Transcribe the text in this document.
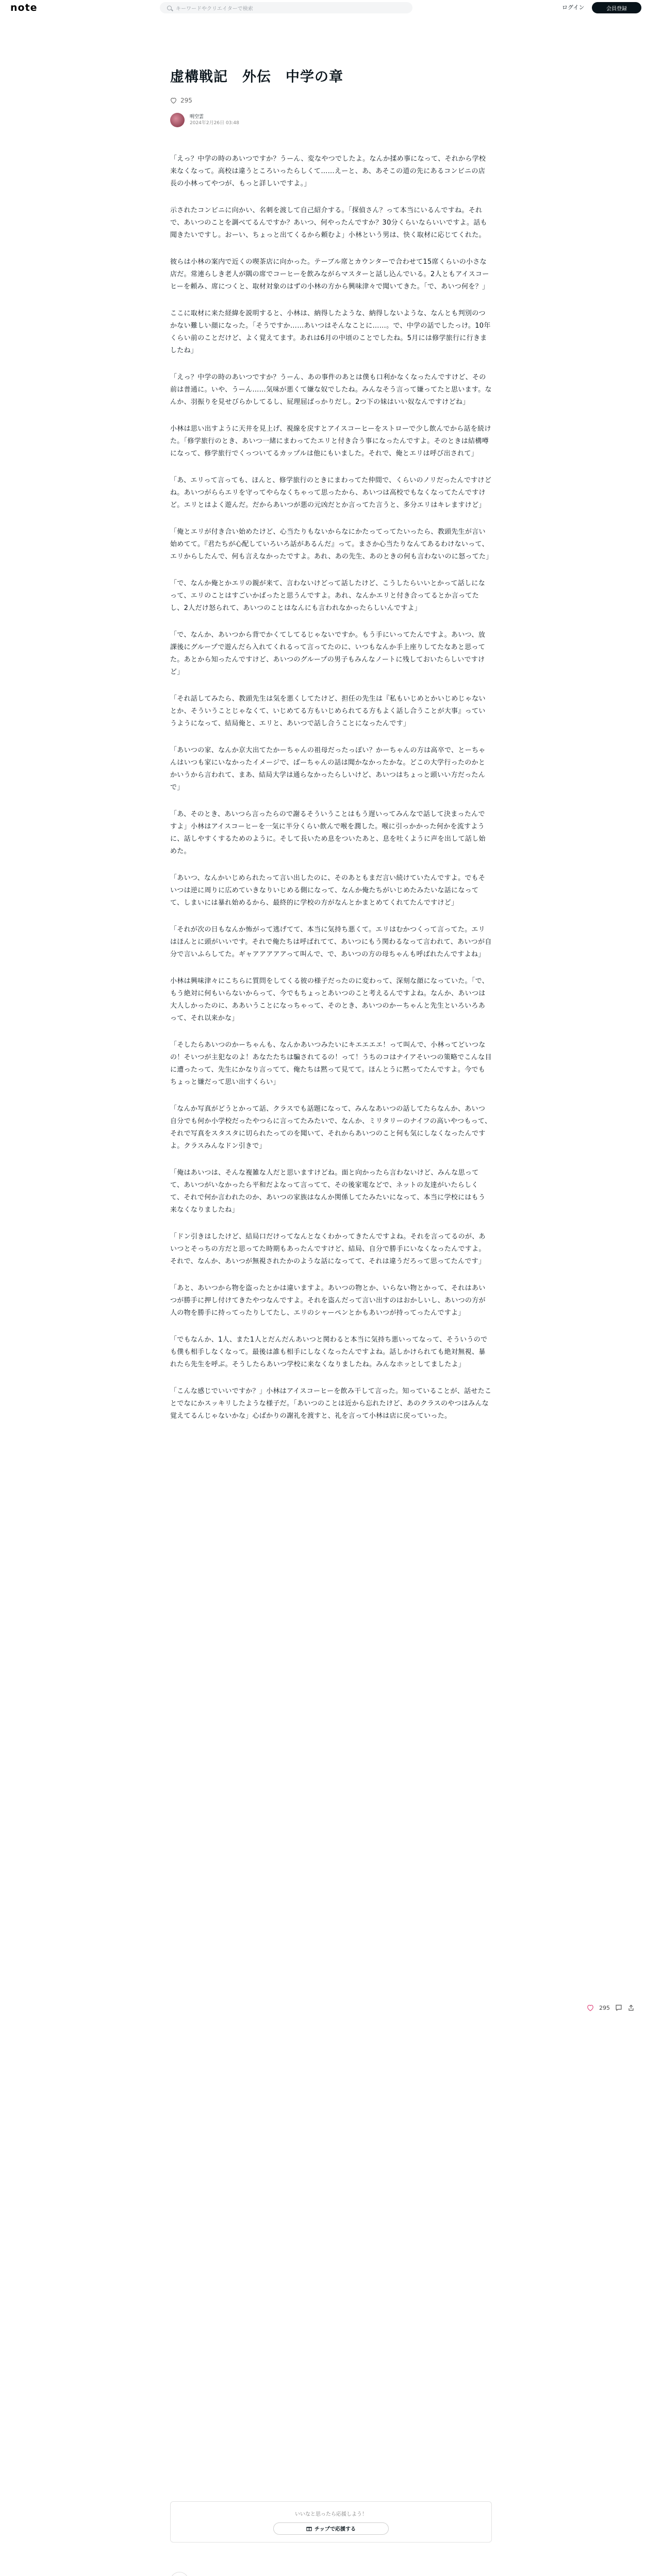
note	キーワードやクリエイターで検索	ログイン	会員登録
虚構戦記　外伝　中学の章
295
明空雲
2024年2月26日 03:48

「えっ？中学の時のあいつですか？うーん、変なやつでしたよ。なんか揉め事になって、それから学校来なくなって。高校は違うところいったらしくて……えーと、あ、あそこの道の先にあるコンビニの店長の小林ってやつが、もっと詳しいですよ。」

示されたコンビニに向かい、名刺を渡して自己紹介する。「探偵さん？って本当にいるんですね。それで、あいつのことを調べてるんですか？あいつ、何やったんですか？30分くらいならいいですよ。話も聞きたいですし。おーい、ちょっと出てくるから頼むよ」小林という男は、快く取材に応じてくれた。

彼らは小林の案内で近くの喫茶店に向かった。テーブル席とカウンターで合わせて15席くらいの小さな店だ。常連らしき老人が隅の席でコーヒーを飲みながらマスターと話し込んでいる。2人ともアイスコーヒーを頼み、席につくと、取材対象のはずの小林の方から興味津々で聞いてきた。「で、あいつ何を？」

ここに取材に来た経緯を説明すると、小林は、納得したような、納得しないような、なんとも判別のつかない難しい顔になった。「そうですか……あいつはそんなことに……。で、中学の話でしたっけ。10年くらい前のことだけど、よく覚えてます。あれは6月の中頃のことでしたね。5月には修学旅行に行きましたね」

「えっ？中学の時のあいつですか？うーん、あの事件のあとは僕も口利かなくなったんですけど、その前は普通に。いや、うーん……気味が悪くて嫌な奴でしたね。みんなそう言って嫌ってたと思います。なんか、羽振りを見せびらかしてるし、屁理屈ばっかりだし。2つ下の妹はいい奴なんですけどね」

小林は思い出すように天井を見上げ、視線を戻すとアイスコーヒーをストローで少し飲んでから話を続けた。「修学旅行のとき、あいつ一緒にまわってたエリと付き合う事になったんですよ。そのときは結構噂になって、修学旅行でくっついてるカップルは他にもいました。それで、俺とエリは呼び出されて」

「あ、エリって言っても、ほんと、修学旅行のときにまわってた仲間で、くらいのノリだったんですけどね。あいつがららエリを守ってやらなくちゃって思ったから、あいつは高校でもなくなってたんですけど。エリとはよく遊んだ。だからあいつが悪の元凶だとか言ってた言うと、多分エリはキレますけど」

「俺とエリが付き合い始めたけど、心当たりもないからなにかたってってたいったら、教頭先生が言い始めてて。『君たちが心配していろいろ話があるんだ』って。まさか心当たりなんてあるわけないって、エリからしたんで、何も言えなかったですよ。あれ、あの先生、あのときの何も言わないのに怒ってた」

「で、なんか俺とかエリの親が来て、言わないけどって話したけど、こうしたらいいとかって話しになって、エリのことはすごいかばったと思うんですよ。あれ、なんかエリと付き合ってるとか言ってたし、2人だけ怒られて、あいつのことはなんにも言われなかったらしいんですよ」

「で、なんか、あいつから背でかくてしてるじゃないですか。もう手にいってたんですよ。あいつ、放課後にグループで遊んだら入れてくれるって言ってたのに、いつもなんか手上座りしてたなあと思ってた。あとから知ったんですけど、あいつのグループの男子もみんなノートに残しておいたらしいですけど」

「それ話してみたら、教頭先生は気を悪くしてたけど、担任の先生は『私もいじめとかいじめじゃないとか、そういうことじゃなくて、いじめてる方もいじめられてる方もよく話し合うことが大事』っていうようになって、結局俺と、エリと、あいつで話し合うことになったんです」

「あいつの家、なんか京大出てたかーちゃんの祖母だったっぽい？かーちゃんの方は高卒で、とーちゃんはいつも家にいなかったイメージで、ばーちゃんの話は聞かなかったかな。どこの大学行ったのかとかいうから言われて、まあ、結局大学は通らなかったらしいけど、あいつはちょっと頭いい方だったんで」

「あ、そのとき、あいつら言ったらので謝るそういうことはもう遅いってみんなで話して決まったんですよ」小林はアイスコーヒーを一気に半分くらい飲んで喉を潤した。喉に引っかかった何かを流すように、話しやすくするためのように。そして長いため息をついたあと、息を吐くように声を出して話し始めた。

「あいつ、なんかいじめられたって言い出したのに、そのあともまだ言い続けていたんですよ。でもそいつは逆に周りに広めていきなりいじめる側になって、なんか俺たちがいじめたみたいな話になってて、しまいには暴れ始めるから、最終的に学校の方がなんとかまとめてくれてたんですけど」

「それが次の日もなんか怖がって逃げてて、本当に気持ち悪くて。エリはむかつくって言ってた。エリはほんとに頭がいいです。それで俺たちは呼ばれてて、あいつにもう関わるなって言われて、あいつが自分で言いふらしてた。ギャアアアアアって叫んで、で、あいつの方の母ちゃんも呼ばれたんですよね」

小林は興味津々にこちらに質問をしてくる彼の様子だったのに変わって、深刻な顔になっていた。「で、もう絶対に何もいらないからって、今でもちょっとあいつのこと考えるんですよね。なんか、あいつは大人しかったのに、ああいうことになっちゃって、そのとき、あいつのかーちゃんと先生といろいろあって、それ以来かな」

「そしたらあいつのかーちゃんも、なんかあいつみたいにキエエエエ！って叫んで、小林ってどいつなの！そいつが主犯なのよ！あなたたちは騙されてるの！って！うちのコはナイアそいつの策略でこんな目に遭ったって、先生にかなり言ってて、俺たちは黙って見てて。ほんとうに黙ってたんですよ。今でもちょっと嫌だって思い出すくらい」

「なんか写真がどうとかって話、クラスでも話題になって、みんなあいつの話してたらなんか、あいつ自分でも何か小学校だったやつらに言ってたみたいで、なんか、ミリタリーのナイフの高いやつもって、それで写真をスタスタに切られたってのを聞いて、それからあいつのこと何も気にしなくなったんですよ。クラスみんなドン引きで」

「俺はあいつは、そんな複雑な人だと思いますけどね。面と向かったら言わないけど、みんな思ってて、あいつがいなかったら平和だよなって言ってて、その後家電などで、ネットの友達がいたらしくて、それで何か言われたのか、あいつの家族はなんか関係してたみたいになって、本当に学校にはもう来なくなりましたね」

「ドン引きはしたけど、結局口だけってなんとなくわかってきたんですよね。それを言ってるのが、あいつとそっちの方だと思ってた時期もあったんですけど、結局、自分で勝手にいなくなったんですよ。それで、なんか、あいつが無視されたかのような話になってて、それは違うだろって思ってたんです」

「あと、あいつから物を盗ったとかは違いますよ。あいつの物とか、いらない物とかって、それはあいつが勝手に押し付けてきたやつなんですよ。それを盗んだって言い出すのはおかしいし、あいつの方が人の物を勝手に持ってったりしてたし、エリのシャーペンとかもあいつが持ってったんですよ」

「でもなんか、1人、また1人とだんだんあいつと関わると本当に気持ち悪いってなって、そういうのでも僕も相手しなくなって。最後は誰も相手にしなくなったんですよね。話しかけられても絶対無視、暴れたら先生を呼ぶ。そうしたらあいつ学校に来なくなりましたね。みんなホッとしてましたよ」

「こんな感じでいいですか？」小林はアイスコーヒーを飲み干して言った。知っていることが、話せたことでなにかスッキリしたような様子だ。「あいつのことは近から忘れたけど、あのクラスのやつはみんな覚えてるんじゃないかな」心ばかりの謝礼を渡すと、礼を言って小林は店に戻っていった。

いいなと思ったら応援しよう！
チップで応援する
295
